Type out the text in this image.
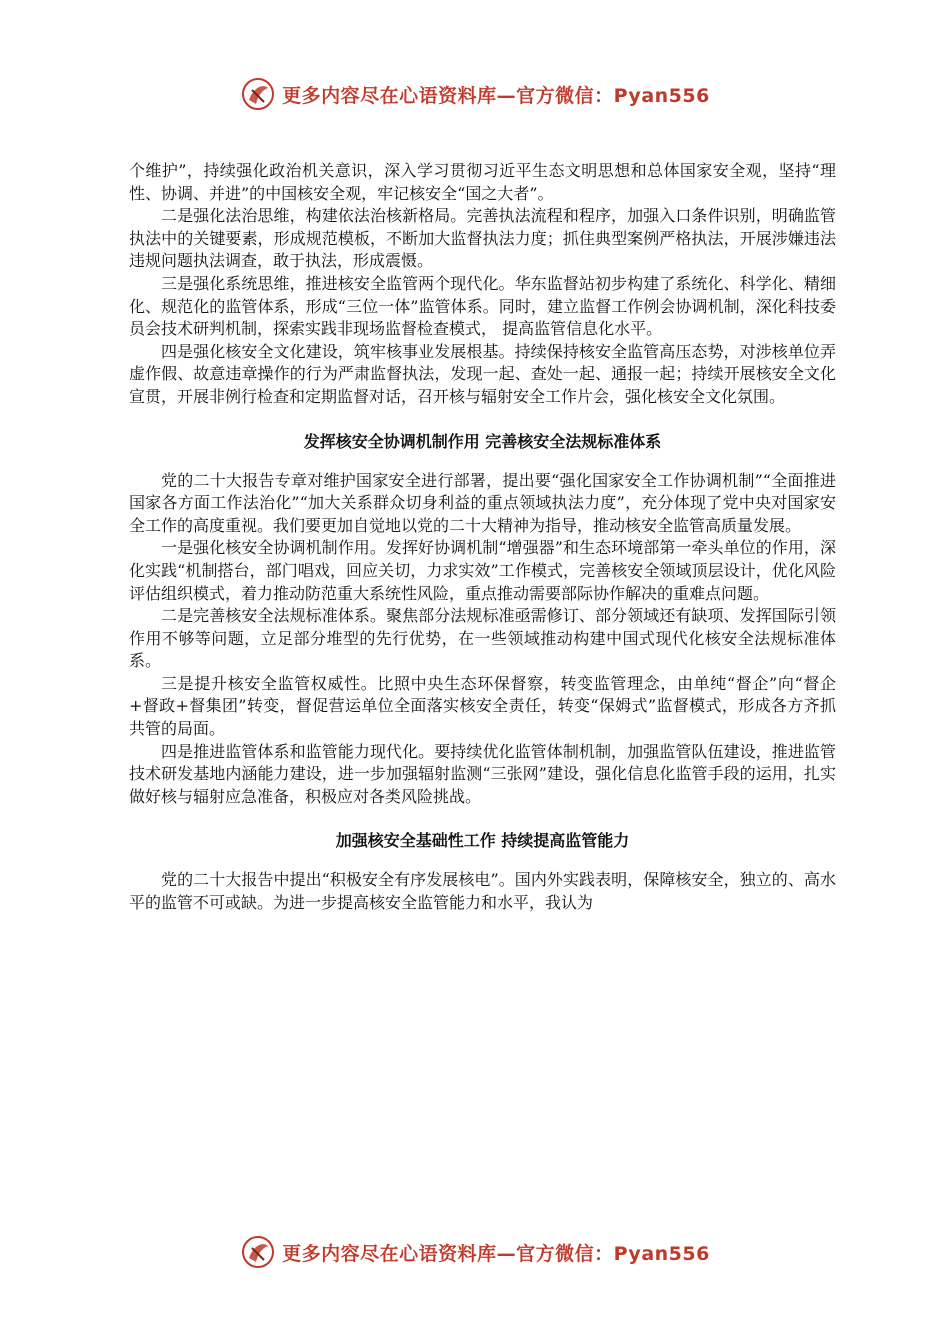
更多内容尽在心语资料库—官方微信：Pyan556

个维护”，持续强化政治机关意识，深入学习贯彻习近平生态文明思想和总体国家安全观，坚持“理性、协调、并进”的中国核安全观，牢记核安全“国之大者”。

二是强化法治思维，构建依法治核新格局。完善执法流程和程序，加强入口条件识别，明确监管执法中的关键要素，形成规范模板，不断加大监督执法力度；抓住典型案例严格执法，开展涉嫌违法违规问题执法调查，敢于执法，形成震慑。

三是强化系统思维，推进核安全监管两个现代化。华东监督站初步构建了系统化、科学化、精细化、规范化的监管体系，形成“三位一体”监管体系。同时，建立监督工作例会协调机制，深化科技委员会技术研判机制，探索实践非现场监督检查模式， 提高监管信息化水平。

四是强化核安全文化建设，筑牢核事业发展根基。持续保持核安全监管高压态势，对涉核单位弄虚作假、故意违章操作的行为严肃监督执法，发现一起、查处一起、通报一起；持续开展核安全文化宣贯，开展非例行检查和定期监督对话，召开核与辐射安全工作片会，强化核安全文化氛围。

发挥核安全协调机制作用 完善核安全法规标准体系

党的二十大报告专章对维护国家安全进行部署，提出要“强化国家安全工作协调机制”“全面推进国家各方面工作法治化”“加大关系群众切身利益的重点领域执法力度”，充分体现了党中央对国家安全工作的高度重视。我们要更加自觉地以党的二十大精神为指导，推动核安全监管高质量发展。

一是强化核安全协调机制作用。发挥好协调机制“增强器”和生态环境部第一牵头单位的作用，深化实践“机制搭台，部门唱戏，回应关切，力求实效”工作模式，完善核安全领域顶层设计，优化风险评估组织模式，着力推动防范重大系统性风险，重点推动需要部际协作解决的重难点问题。

二是完善核安全法规标准体系。聚焦部分法规标准亟需修订、部分领域还有缺项、发挥国际引领作用不够等问题，立足部分堆型的先行优势，在一些领域推动构建中国式现代化核安全法规标准体系。

三是提升核安全监管权威性。比照中央生态环保督察，转变监管理念，由单纯“督企”向“督企+督政+督集团”转变，督促营运单位全面落实核安全责任，转变“保姆式”监督模式，形成各方齐抓共管的局面。

四是推进监管体系和监管能力现代化。要持续优化监管体制机制，加强监管队伍建设，推进监管技术研发基地内涵能力建设，进一步加强辐射监测“三张网”建设，强化信息化监管手段的运用，扎实做好核与辐射应急准备，积极应对各类风险挑战。

加强核安全基础性工作 持续提高监管能力

党的二十大报告中提出“积极安全有序发展核电”。国内外实践表明，保障核安全，独立的、高水平的监管不可或缺。为进一步提高核安全监管能力和水平，我认为

更多内容尽在心语资料库—官方微信：Pyan556
